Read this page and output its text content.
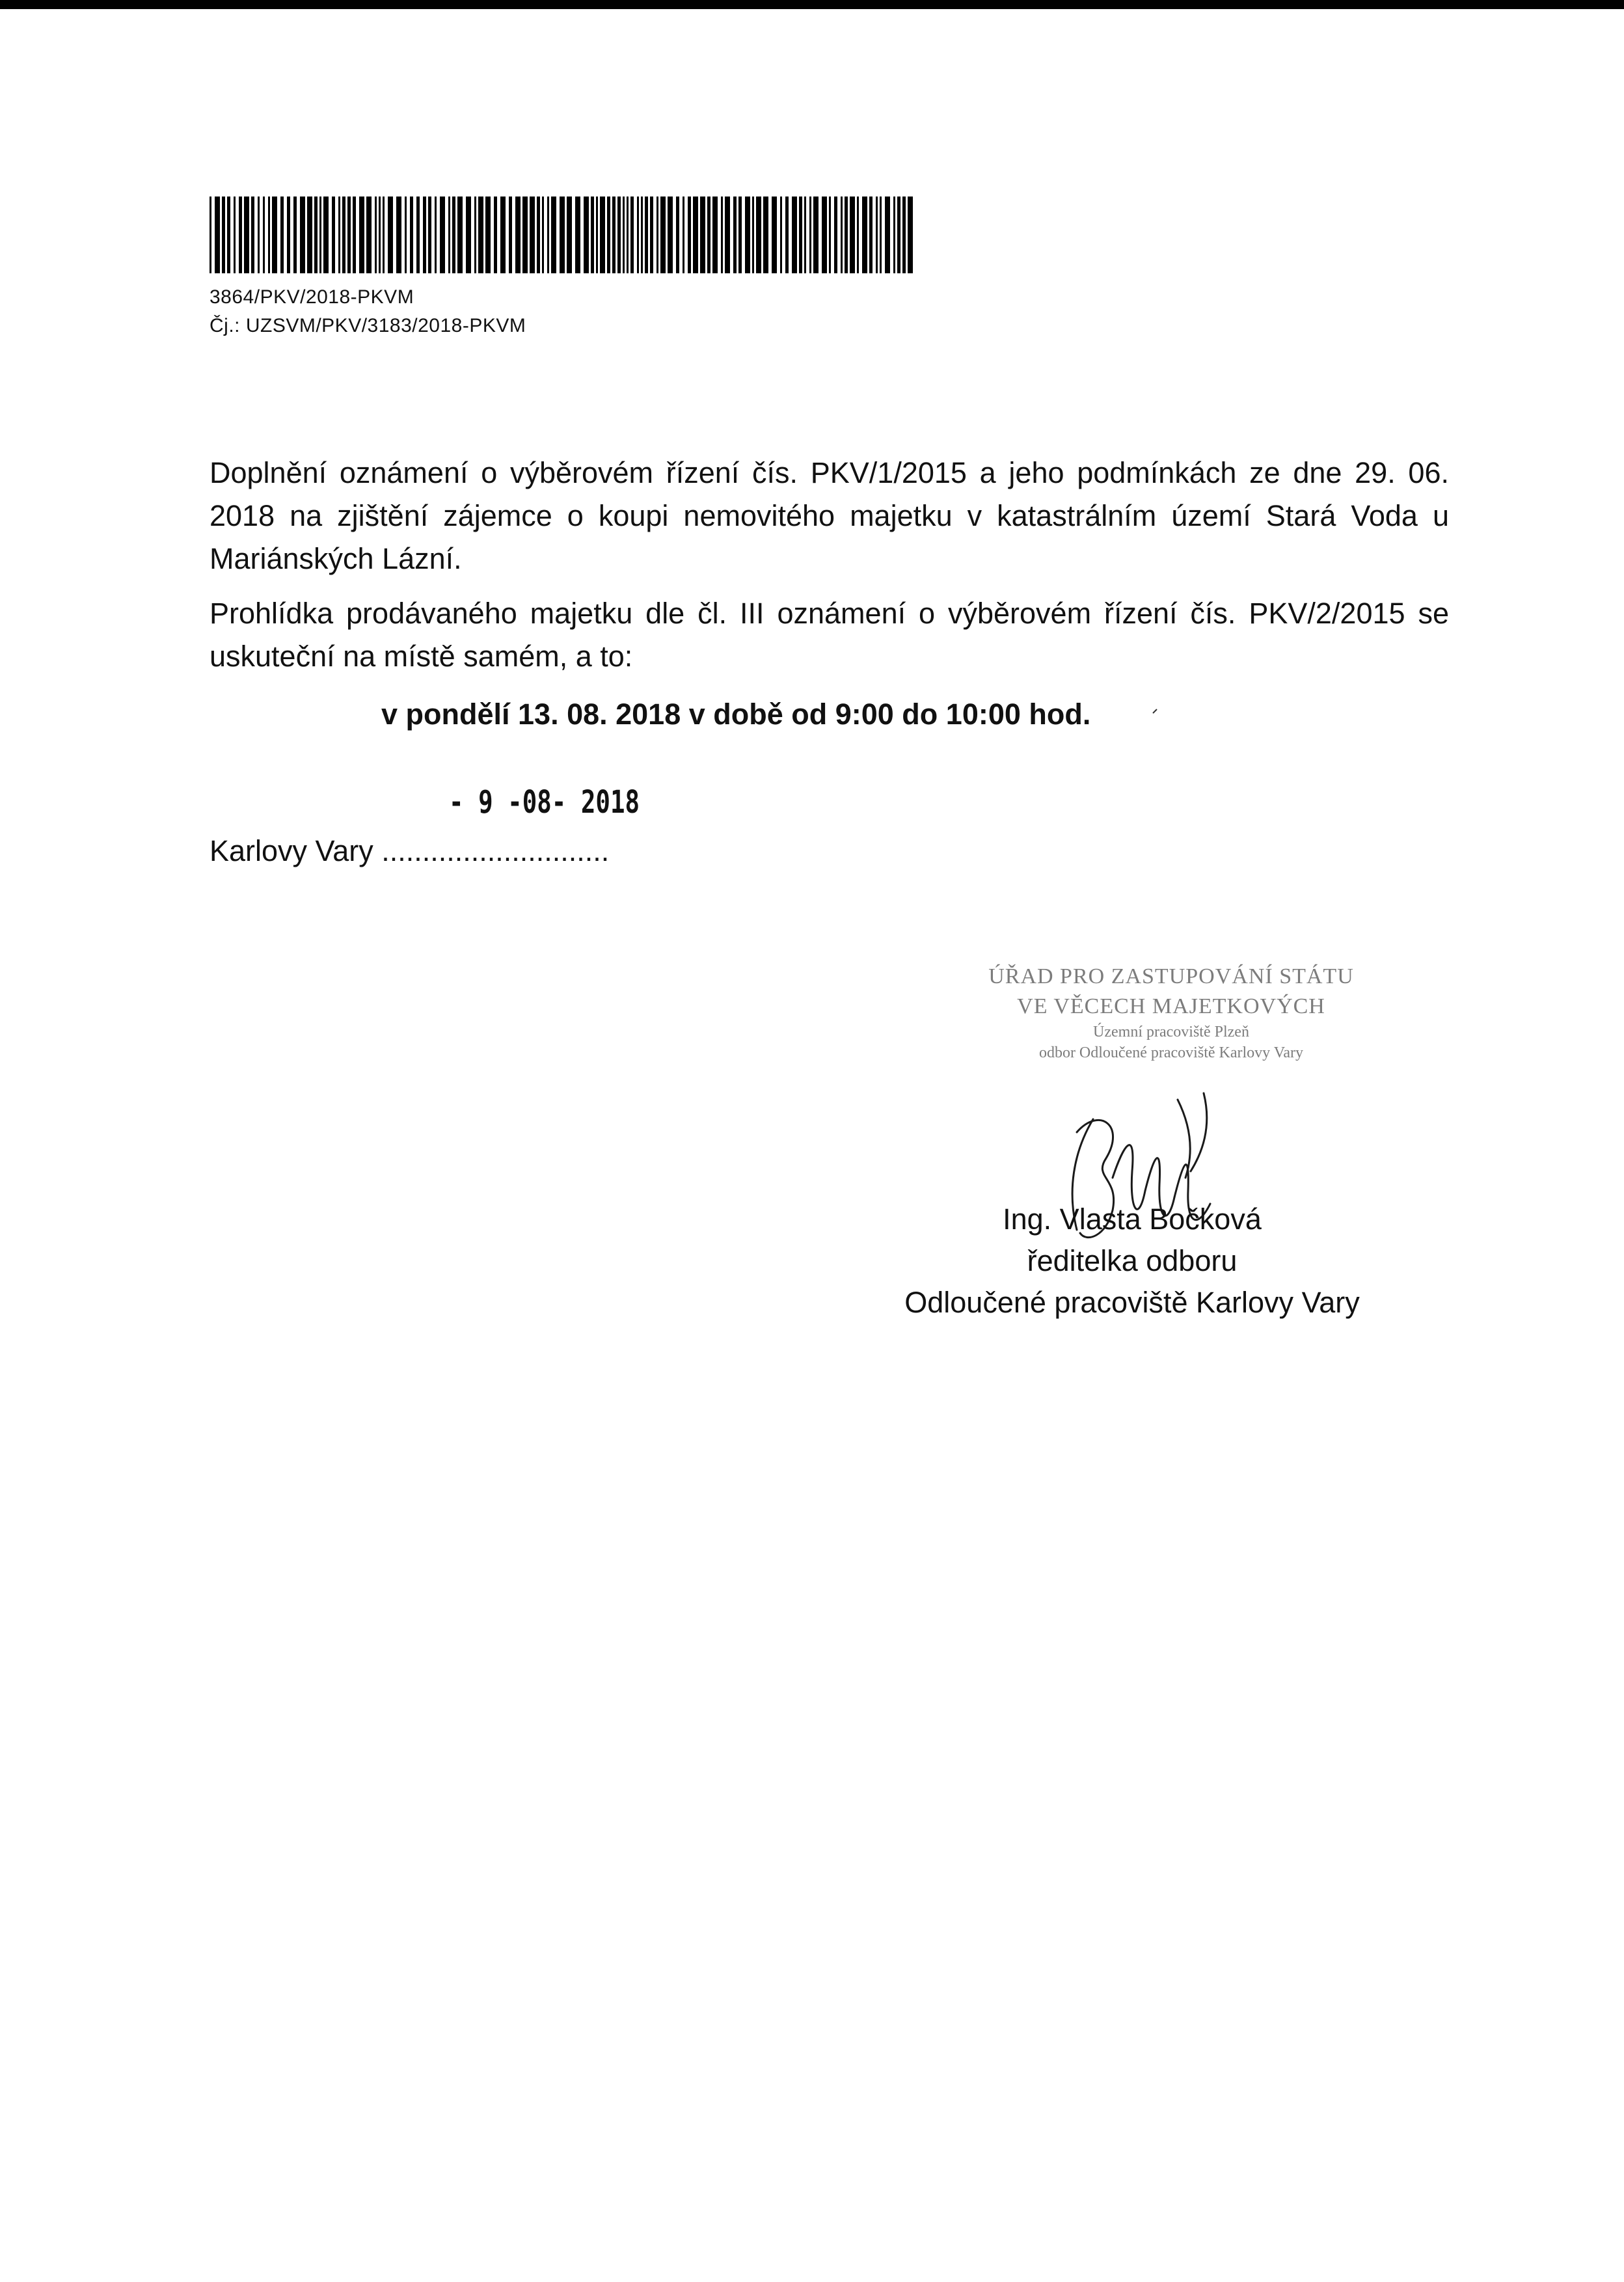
3864/PKV/2018-PKVM
Čj.: UZSVM/PKV/3183/2018-PKVM

Doplnění oznámení o výběrovém řízení čís. PKV/1/2015 a jeho podmínkách ze dne 29. 06. 2018 na zjištění zájemce o koupi nemovitého majetku v katastrálním území Stará Voda u Mariánských Lázní.

Prohlídka prodávaného majetku dle čl. III oznámení o výběrovém řízení čís. PKV/2/2015 se uskuteční na místě samém, a to:

v pondělí 13. 08. 2018 v době od 9:00 do 10:00 hod.
- 9 -08- 2018
Karlovy Vary ............................
ÚŘAD PRO ZASTUPOVÁNÍ STÁTU
VE VĚCECH MAJETKOVÝCH
Územní pracoviště Plzeň
odbor Odloučené pracoviště Karlovy Vary
Ing. Vlasta Bočková
ředitelka odboru
Odloučené pracoviště Karlovy Vary
